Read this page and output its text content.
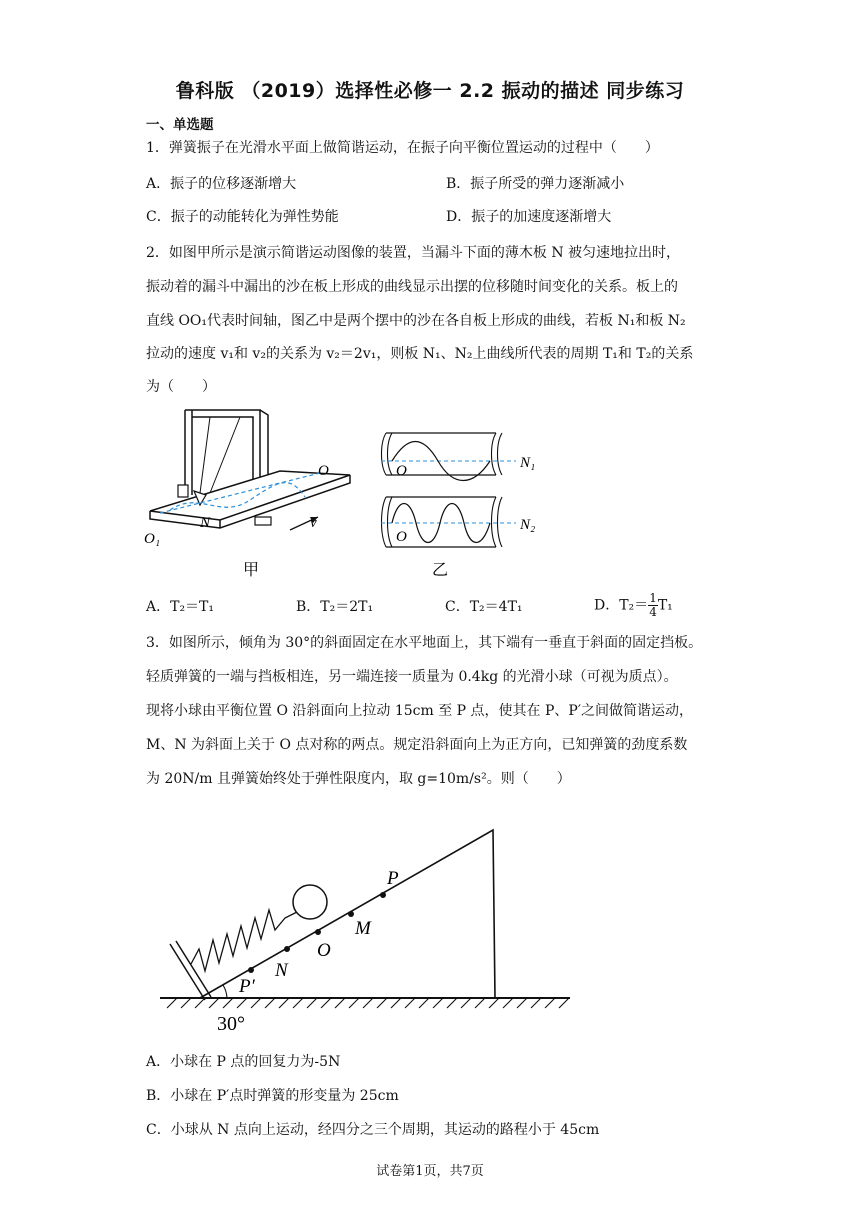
鲁科版 （2019）选择性必修一 2.2 振动的描述 同步练习
一、单选题
1．弹簧振子在光滑水平面上做简谐运动，在振子向平衡位置运动的过程中（　　）
A．振子的位移逐渐增大	B．振子所受的弹力逐渐减小
C．振子的动能转化为弹性势能	D．振子的加速度逐渐增大
2．如图甲所示是演示简谐运动图像的装置，当漏斗下面的薄木板 N 被匀速地拉出时，
振动着的漏斗中漏出的沙在板上形成的曲线显示出摆的位移随时间变化的关系。板上的
直线 OO₁代表时间轴，图乙中是两个摆中的沙在各自板上形成的曲线，若板 N₁和板 N₂
拉动的速度 v₁和 v₂的关系为 v₂＝2v₁，则板 N₁、N₂上曲线所代表的周期 T₁和 T₂的关系
为（　　）
O
O₁
N	v
甲
O
O
N₁
N₂
乙
A．T₂＝T₁	B．T₂＝2T₁	C．T₂＝4T₁	D．$T_2= \frac{1}{4} T_1$
3．如图所示，倾角为 30°的斜面固定在水平地面上，其下端有一垂直于斜面的固定挡板。
轻质弹簧的一端与挡板相连，另一端连接一质量为 0.4kg 的光滑小球（可视为质点）。
现将小球由平衡位置 O 沿斜面向上拉动 15cm 至 P 点，使其在 P、P′之间做简谐运动，
M、N 为斜面上关于 O 点对称的两点。规定沿斜面向上为正方向，已知弹簧的劲度系数
为 20N/m 且弹簧始终处于弹性限度内，取 g=10m/s²。则（　　）
P
M
O
N
P′
30°
A．小球在 P 点的回复力为-5N
B．小球在 P′点时弹簧的形变量为 25cm
C．小球从 N 点向上运动，经四分之三个周期，其运动的路程小于 45cm
试卷第1页，共7页
